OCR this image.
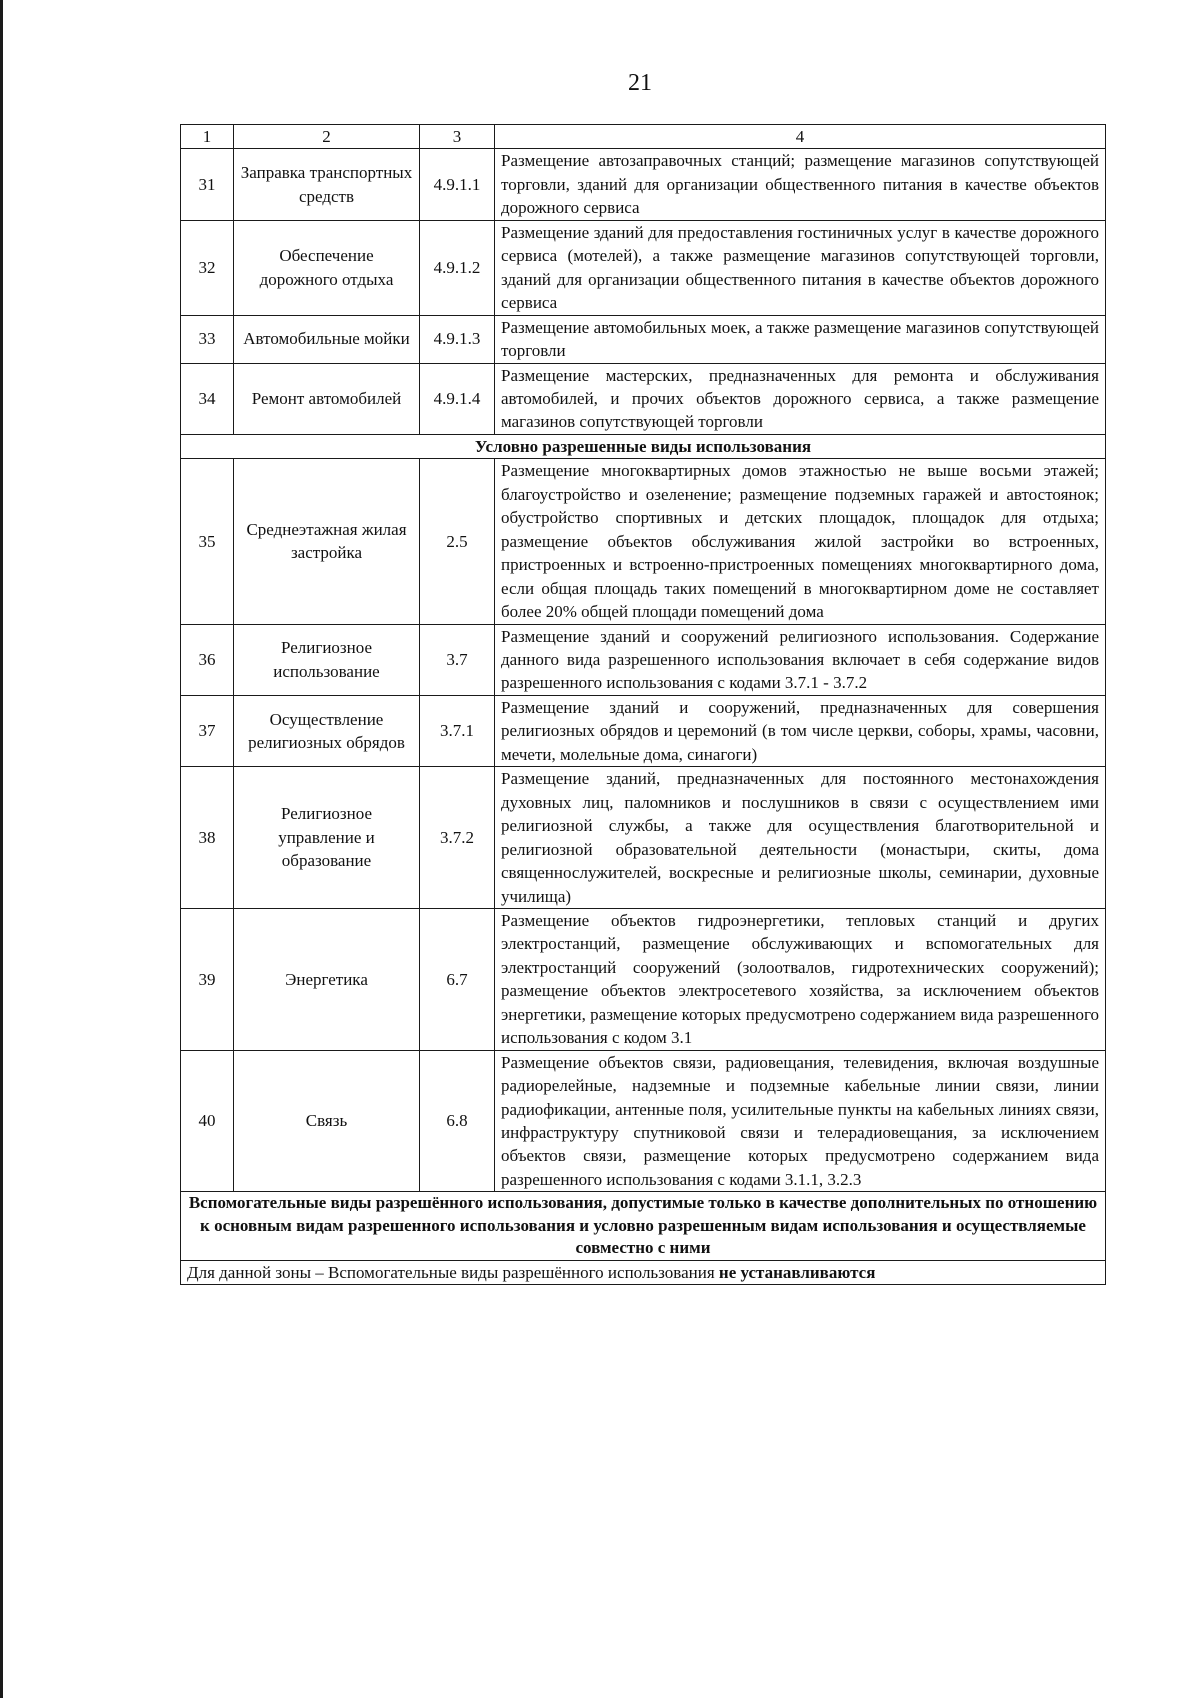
21
1	2	3	4
31	Заправка транспортных средств	4.9.1.1	Размещение автозаправочных станций; размещение магазинов сопутствующей торговли, зданий для организации общественного питания в качестве объектов дорожного сервиса
32	Обеспечение дорожного отдыха	4.9.1.2	Размещение зданий для предоставления гостиничных услуг в качестве дорожного сервиса (мотелей), а также размещение магазинов сопутствующей торговли, зданий для организации общественного питания в качестве объектов дорожного сервиса
33	Автомобильные мойки	4.9.1.3	Размещение автомобильных моек, а также размещение магазинов сопутствующей торговли
34	Ремонт автомобилей	4.9.1.4	Размещение мастерских, предназначенных для ремонта и обслуживания автомобилей, и прочих объектов дорожного сервиса, а также размещение магазинов сопутствующей торговли
Условно разрешенные виды использования			
35	Среднеэтажная жилая застройка	2.5	Размещение многоквартирных домов этажностью не выше восьми этажей; благоустройство и озеленение; размещение подземных гаражей и автостоянок; обустройство спортивных и детских площадок, площадок для отдыха; размещение объектов обслуживания жилой застройки во встроенных, пристроенных и встроенно-пристроенных помещениях многоквартирного дома, если общая площадь таких помещений в многоквартирном доме не составляет более 20% общей площади помещений дома
36	Религиозное использование	3.7	Размещение зданий и сооружений религиозного использования. Содержание данного вида разрешенного использования включает в себя содержание видов разрешенного использования с кодами 3.7.1 - 3.7.2
37	Осуществление религиозных обрядов	3.7.1	Размещение зданий и сооружений, предназначенных для совершения религиозных обрядов и церемоний (в том числе церкви, соборы, храмы, часовни, мечети, молельные дома, синагоги)
38	Религиозное управление и образование	3.7.2	Размещение зданий, предназначенных для постоянного местонахождения духовных лиц, паломников и послушников в связи с осуществлением ими религиозной службы, а также для осуществления благотворительной и религиозной образовательной деятельности (монастыри, скиты, дома священнослужителей, воскресные и религиозные школы, семинарии, духовные училища)
39	Энергетика	6.7	Размещение объектов гидроэнергетики, тепловых станций и других электростанций, размещение обслуживающих и вспомогательных для электростанций сооружений (золоотвалов, гидротехнических сооружений); размещение объектов электросетевого хозяйства, за исключением объектов энергетики, размещение которых предусмотрено содержанием вида разрешенного использования с кодом 3.1
40	Связь	6.8	Размещение объектов связи, радиовещания, телевидения, включая воздушные радиорелейные, надземные и подземные кабельные линии связи, линии радиофикации, антенные поля, усилительные пункты на кабельных линиях связи, инфраструктуру спутниковой связи и телерадиовещания, за исключением объектов связи, размещение которых предусмотрено содержанием вида разрешенного использования с кодами 3.1.1, 3.2.3
Вспомогательные виды разрешённого использования, допустимые только в качестве дополнительных по отношению к основным видам разрешенного использования и условно разрешенным видам использования и осуществляемые совместно с ними			
Для данной зоны – Вспомогательные виды разрешённого использования не устанавливаются			
